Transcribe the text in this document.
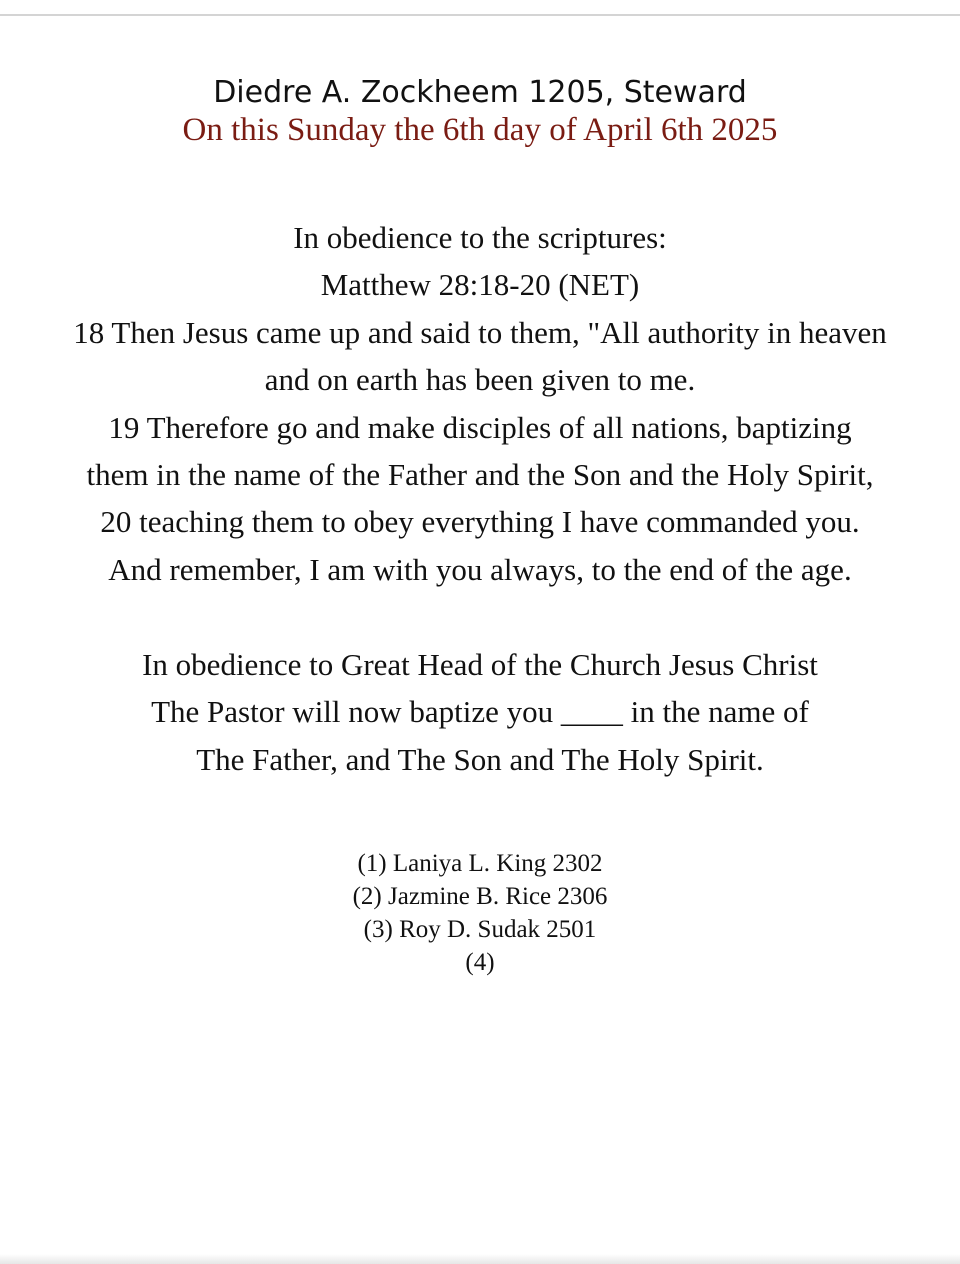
Diedre A. Zockheem 1205, Steward
On this Sunday the 6th day of April 6th 2025
In obedience to the scriptures:
Matthew 28:18-20 (NET)
18 Then Jesus came up and said to them, "All authority in heaven
and on earth has been given to me.
19 Therefore go and make disciples of all nations, baptizing
them in the name of the Father and the Son and the Holy Spirit,
20 teaching them to obey everything I have commanded you.
And remember, I am with you always, to the end of the age.
In obedience to Great Head of the Church Jesus Christ
The Pastor will now baptize you ____ in the name of
The Father, and The Son and The Holy Spirit.
(1) Laniya L. King 2302
(2) Jazmine B. Rice 2306
(3) Roy D. Sudak 2501
(4)
